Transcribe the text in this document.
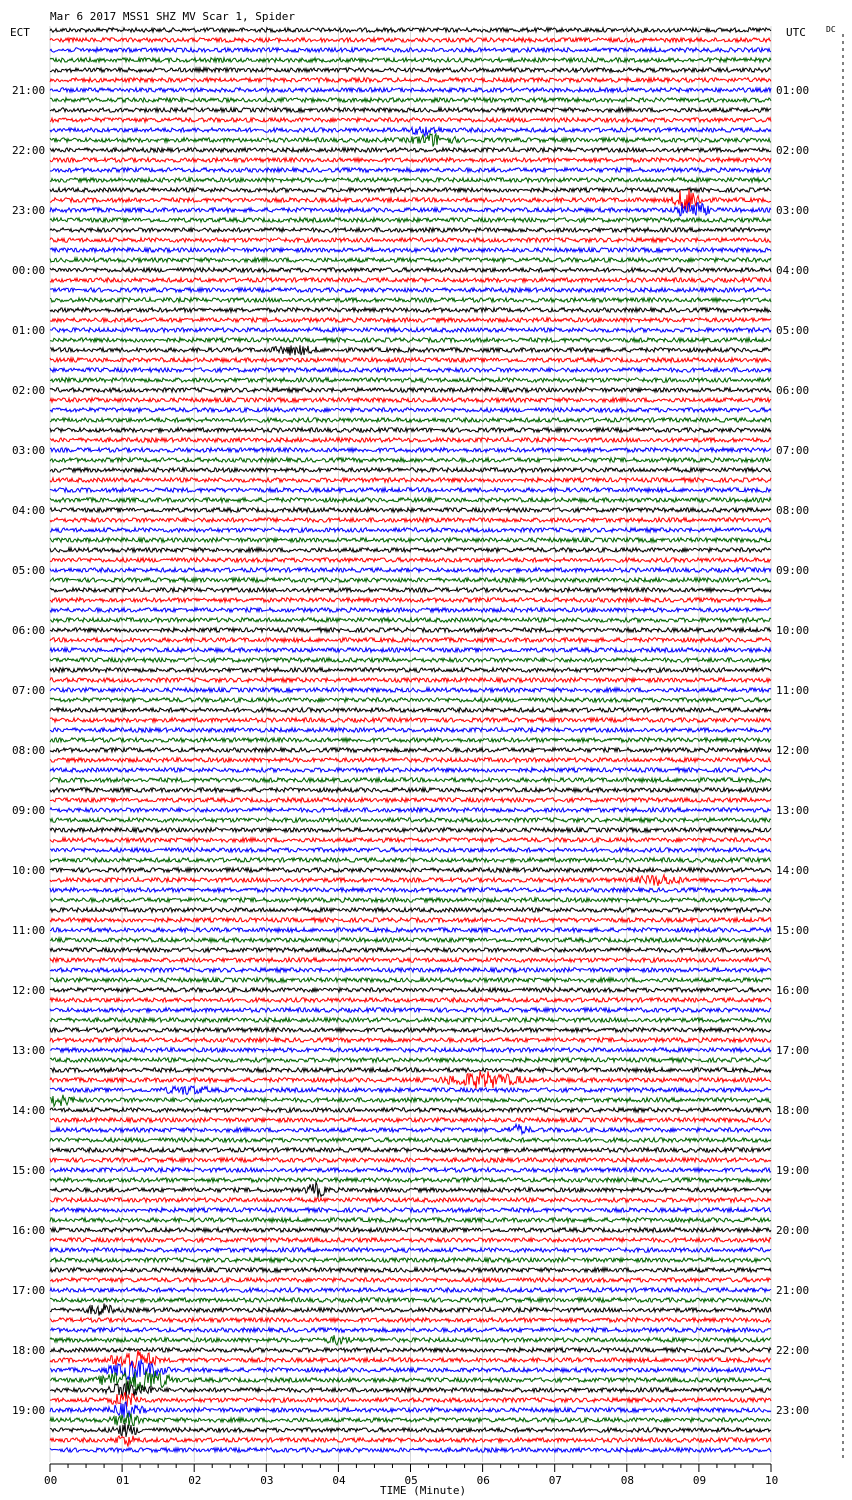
Mar 6 2017 MSS1 SHZ MV Scar 1, Spider
ECT	UTC	DC
21:00
22:00
23:00
00:00
01:00
02:00
03:00
04:00
05:00
06:00
07:00
08:00
09:00
10:00
11:00
12:00
13:00
14:00
15:00
16:00
17:00
18:00
19:00
01:00
02:00
03:00
04:00
05:00
06:00
07:00
08:00
09:00
10:00
11:00
12:00
13:00
14:00
15:00
16:00
17:00
18:00
19:00
20:00
21:00
22:00
23:00
00	01	02	03	04	05	06	07	08	09	10
TIME (Minute)
